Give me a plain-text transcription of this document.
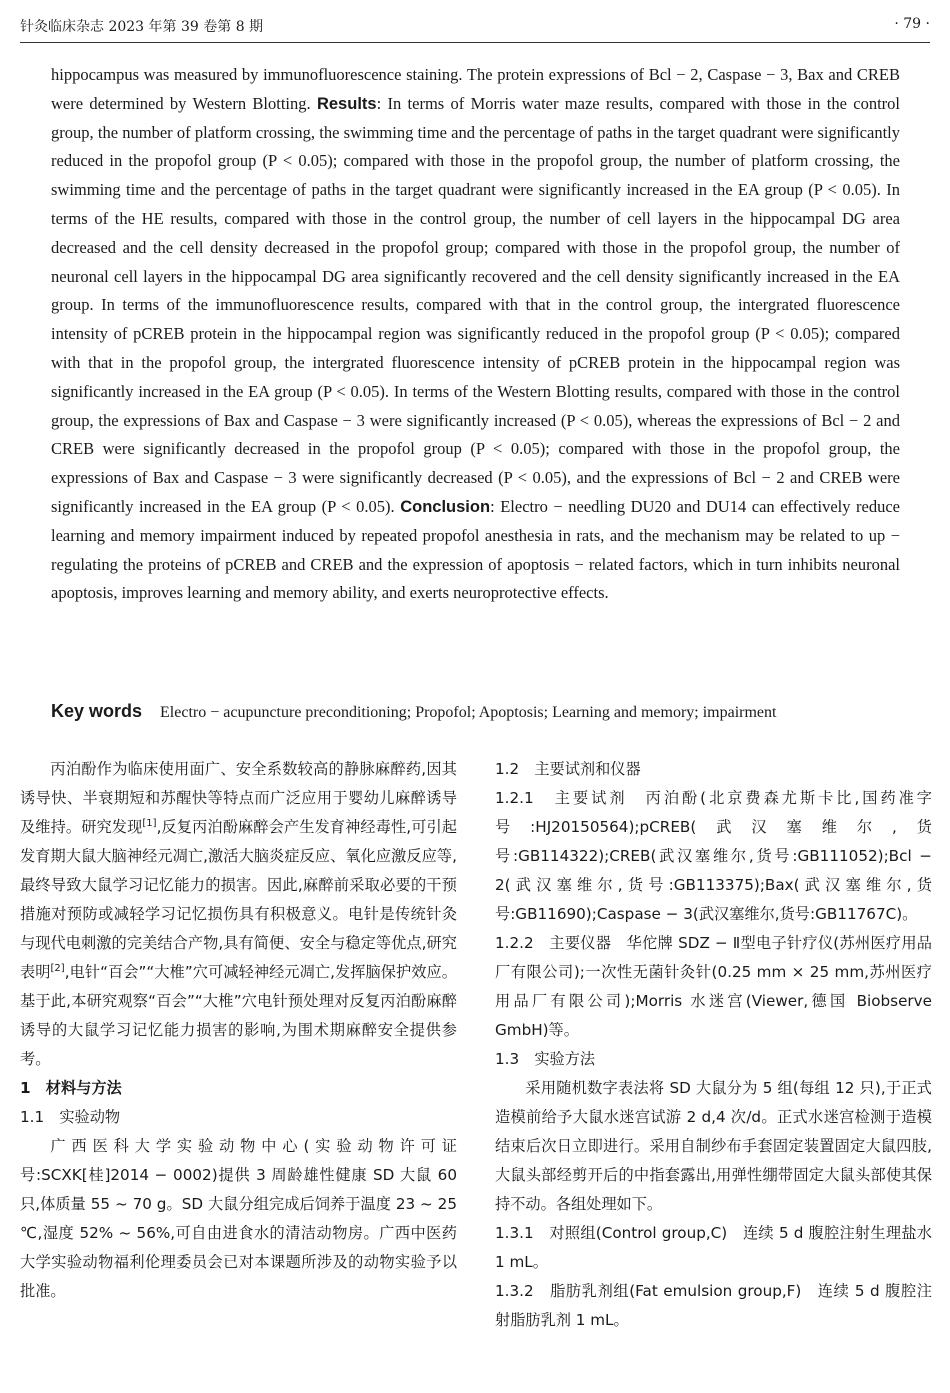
针灸临床杂志 2023 年第 39 卷第 8 期	· 79 ·

hippocampus was measured by immunofluorescence staining. The protein expressions of Bcl − 2, Caspase − 3, Bax and CREB were determined by Western Blotting. Results: In terms of Morris water maze results, compared with those in the control group, the number of platform crossing, the swimming time and the percentage of paths in the target quadrant were significantly reduced in the propofol group (P < 0.05); compared with those in the propofol group, the number of platform crossing, the swimming time and the percentage of paths in the target quadrant were significantly increased in the EA group (P < 0.05). In terms of the HE results, compared with those in the control group, the number of cell layers in the hippocampal DG area decreased and the cell density decreased in the propofol group; compared with those in the propofol group, the number of neuronal cell layers in the hippocampal DG area significantly recovered and the cell density significantly increased in the EA group. In terms of the immunofluorescence results, compared with that in the control group, the intergrated fluorescence intensity of pCREB protein in the hippocampal region was significantly reduced in the propofol group (P < 0.05); compared with that in the propofol group, the intergrated fluorescence intensity of pCREB protein in the hippocampal region was significantly increased in the EA group (P < 0.05). In terms of the Western Blotting results, compared with those in the control group, the expressions of Bax and Caspase − 3 were significantly increased (P < 0.05), whereas the expressions of Bcl − 2 and CREB were significantly decreased in the propofol group (P < 0.05); compared with those in the propofol group, the expressions of Bax and Caspase − 3 were significantly decreased (P < 0.05), and the expressions of Bcl − 2 and CREB were significantly increased in the EA group (P < 0.05). Conclusion: Electro − needling DU20 and DU14 can effectively reduce learning and memory impairment induced by repeated propofol anesthesia in rats, and the mechanism may be related to up − regulating the proteins of pCREB and CREB and the expression of apoptosis − related factors, which in turn inhibits neuronal apoptosis, improves learning and memory ability, and exerts neuroprotective effects.

Key words Electro − acupuncture preconditioning; Propofol; Apoptosis; Learning and memory; impairment

丙泊酚作为临床使用面广、安全系数较高的静脉麻醉药,因其诱导快、半衰期短和苏醒快等特点而广泛应用于婴幼儿麻醉诱导及维持。研究发现[1],反复丙泊酚麻醉会产生发育神经毒性,可引起发育期大鼠大脑神经元凋亡,激活大脑炎症反应、氧化应激反应等,最终导致大鼠学习记忆能力的损害。因此,麻醉前采取必要的干预措施对预防或减轻学习记忆损伤具有积极意义。电针是传统针灸与现代电刺激的完美结合产物,具有简便、安全与稳定等优点,研究表明[2],电针“百会”“大椎”穴可减轻神经元凋亡,发挥脑保护效应。基于此,本研究观察“百会”“大椎”穴电针预处理对反复丙泊酚麻醉诱导的大鼠学习记忆能力损害的影响,为围术期麻醉安全提供参考。

1　材料与方法

1.1　实验动物

广西医科大学实验动物中心(实验动物许可证号:SCXK[桂]2014 − 0002)提供 3 周龄雄性健康 SD 大鼠 60 只,体质量 55 ~ 70 g。SD 大鼠分组完成后饲养于温度 23 ~ 25 ℃,湿度 52% ~ 56%,可自由进食水的清洁动物房。广西中医药大学实验动物福利伦理委员会已对本课题所涉及的动物实验予以批准。

1.2　主要试剂和仪器

1.2.1　主要试剂　丙泊酚(北京费森尤斯卡比,国药准字号:HJ20150564);pCREB(武汉塞维尔,货号:GB114322);CREB(武汉塞维尔,货号:GB111052);Bcl − 2(武汉塞维尔,货号:GB113375);Bax(武汉塞维尔,货号:GB11690);Caspase − 3(武汉塞维尔,货号:GB11767C)。

1.2.2　主要仪器　华佗牌 SDZ − Ⅱ型电子针疗仪(苏州医疗用品厂有限公司);一次性无菌针灸针(0.25 mm × 25 mm,苏州医疗用品厂有限公司);Morris 水迷宫(Viewer,德国 Biobserve GmbH)等。

1.3　实验方法

采用随机数字表法将 SD 大鼠分为 5 组(每组 12 只),于正式造模前给予大鼠水迷宫试游 2 d,4 次/d。正式水迷宫检测于造模结束后次日立即进行。采用自制纱布手套固定装置固定大鼠四肢,大鼠头部经剪开后的中指套露出,用弹性绷带固定大鼠头部使其保持不动。各组处理如下。

1.3.1　对照组(Control group,C)　连续 5 d 腹腔注射生理盐水 1 mL。

1.3.2　脂肪乳剂组(Fat emulsion group,F)　连续 5 d 腹腔注射脂肪乳剂 1 mL。
